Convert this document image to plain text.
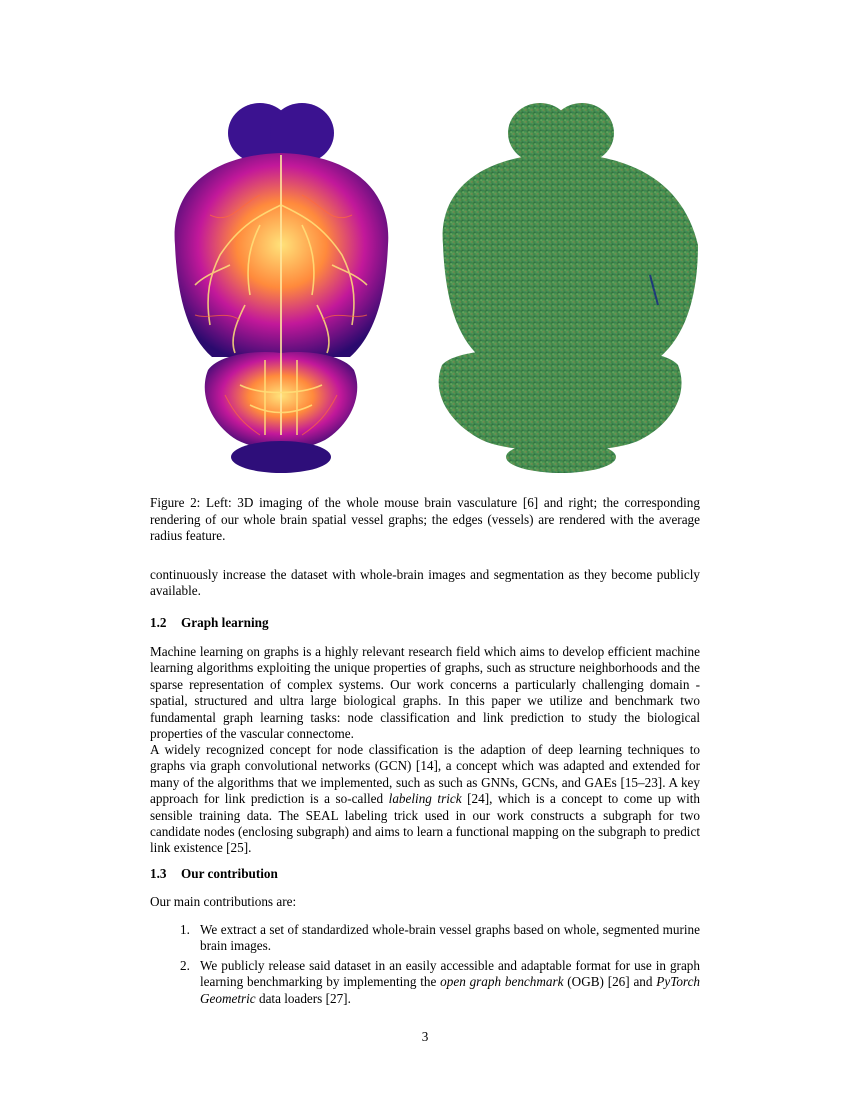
Figure 2: Left: 3D imaging of the whole mouse brain vasculature [6] and right; the corresponding rendering of our whole brain spatial vessel graphs; the edges (vessels) are rendered with the average radius feature.

continuously increase the dataset with whole-brain images and segmentation as they become publicly available.

1.2 Graph learning

Machine learning on graphs is a highly relevant research field which aims to develop efficient machine learning algorithms exploiting the unique properties of graphs, such as structure neighborhoods and the sparse representation of complex systems. Our work concerns a particularly challenging domain - spatial, structured and ultra large biological graphs. In this paper we utilize and benchmark two fundamental graph learning tasks: node classification and link prediction to study the biological properties of the vascular connectome.

A widely recognized concept for node classification is the adaption of deep learning techniques to graphs via graph convolutional networks (GCN) [14], a concept which was adapted and extended for many of the algorithms that we implemented, such as such as GNNs, GCNs, and GAEs [15–23]. A key approach for link prediction is a so-called labeling trick [24], which is a concept to come up with sensible training data. The SEAL labeling trick used in our work constructs a subgraph for two candidate nodes (enclosing subgraph) and aims to learn a functional mapping on the subgraph to predict link existence [25].

1.3 Our contribution

Our main contributions are:

1. We extract a set of standardized whole-brain vessel graphs based on whole, segmented murine brain images.
2. We publicly release said dataset in an easily accessible and adaptable format for use in graph learning benchmarking by implementing the open graph benchmark (OGB) [26] and PyTorch Geometric data loaders [27].
3
